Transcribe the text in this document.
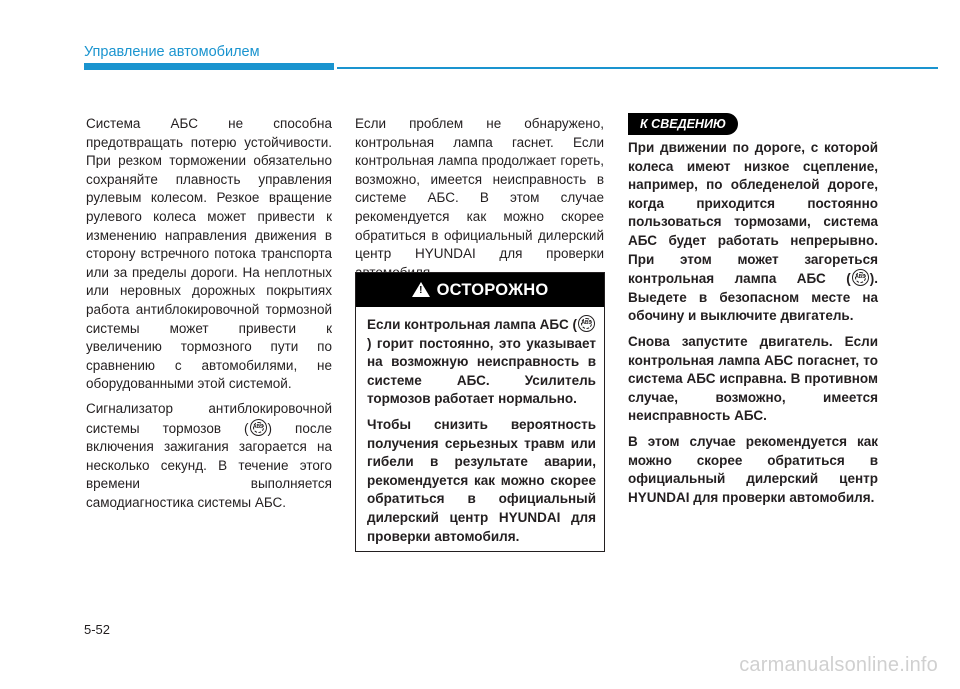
Управление автомобилем

Система АБС не способна предотвращать потерю устойчивости. При резком торможении обязательно сохраняйте плавность управления рулевым колесом. Резкое вращение рулевого колеса может привести к изменению направления движения в сторону встречного потока транспорта или за пределы дороги. На неплотных или неровных дорожных покрытиях работа антиблокировочной тормозной системы может привести к увеличению тормозного пути по сравнению с автомобилями, не оборудованными этой системой.

Сигнализатор антиблокировочной системы тормозов ( ABS ) после включения зажигания загорается на несколько секунд. В течение этого времени выполняется самодиагностика системы АБС.

Если проблем не обнаружено, контрольная лампа гаснет. Если контрольная лампа продолжает гореть, возможно, имеется неисправность в системе АБС. В этом случае рекомендуется как можно скорее обратиться в официальный дилерский центр HYUNDAI для проверки

! ОСТОРОЖНО

Если контрольная лампа АБС ( ABS
) горит постоянно, это указывает на возможную неисправность в системе АБС. Усилитель тормозов работает нормально.

Чтобы снизить вероятность получения серьезных травм или гибели в результате аварии, рекомендуется как можно скорее обратиться в официальный дилерский центр HYUNDAI для проверки автомобиля.

К СВЕДЕНИЮ

При движении по дороге, с которой колеса имеют низкое сцепление, например, по обледенелой дороге, когда приходится постоянно пользоваться тормозами, система АБС будет работать непрерывно. При этом может загореться контрольная лампа АБС ( ABS ). Выедете в безопасном месте на обочину и выключите двигатель.

Снова запустите двигатель. Если контрольная лампа АБС погаснет, то система АБС исправна. В противном случае, возможно, имеется неисправность АБС.

В этом случае рекомендуется как можно скорее обратиться в официальный дилерский центр HYUNDAI для проверки автомобиля.

5-52
carmanualsonline.info
